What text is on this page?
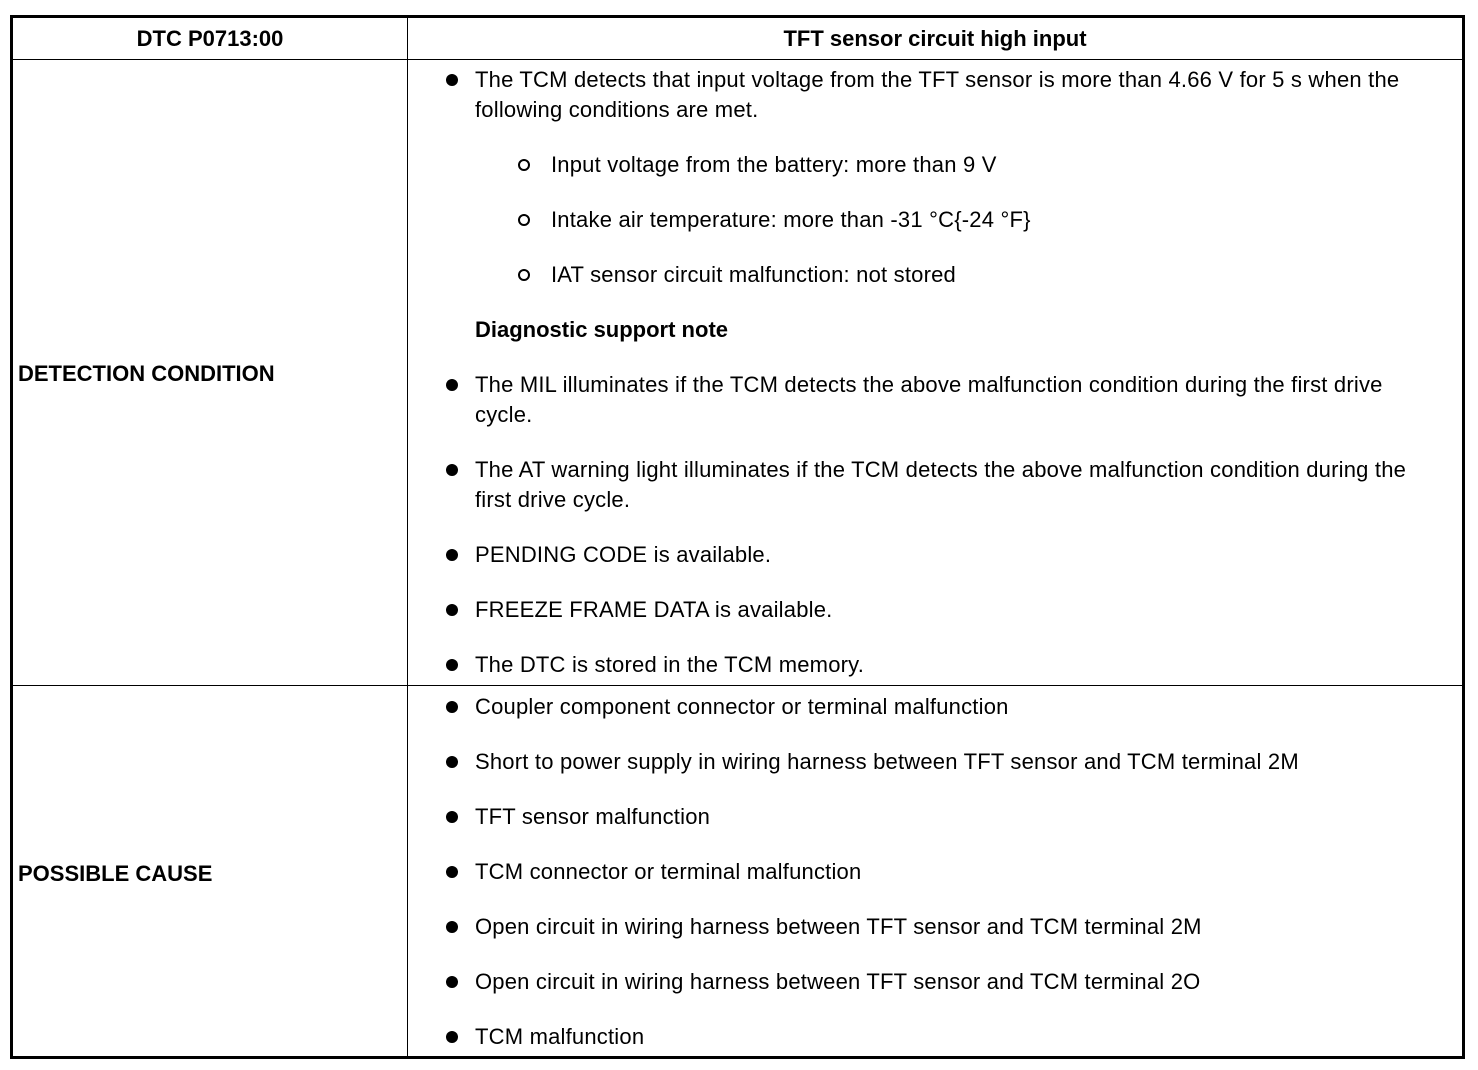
DTC P0713:00	TFT sensor circuit high input
DETECTION CONDITION
POSSIBLE CAUSE
The TCM detects that input voltage from the TFT sensor is more than 4.66 V for 5 s when the following conditions are met.
Input voltage from the battery: more than 9 V
Intake air temperature: more than -31 °C{-24 °F}
IAT sensor circuit malfunction: not stored
Diagnostic support note
The MIL illuminates if the TCM detects the above malfunction condition during the first drive cycle.
The AT warning light illuminates if the TCM detects the above malfunction condition during the first drive cycle.
PENDING CODE is available.
FREEZE FRAME DATA is available.
The DTC is stored in the TCM memory.
Coupler component connector or terminal malfunction
Short to power supply in wiring harness between TFT sensor and TCM terminal 2M
TFT sensor malfunction
TCM connector or terminal malfunction
Open circuit in wiring harness between TFT sensor and TCM terminal 2M
Open circuit in wiring harness between TFT sensor and TCM terminal 2O
TCM malfunction
